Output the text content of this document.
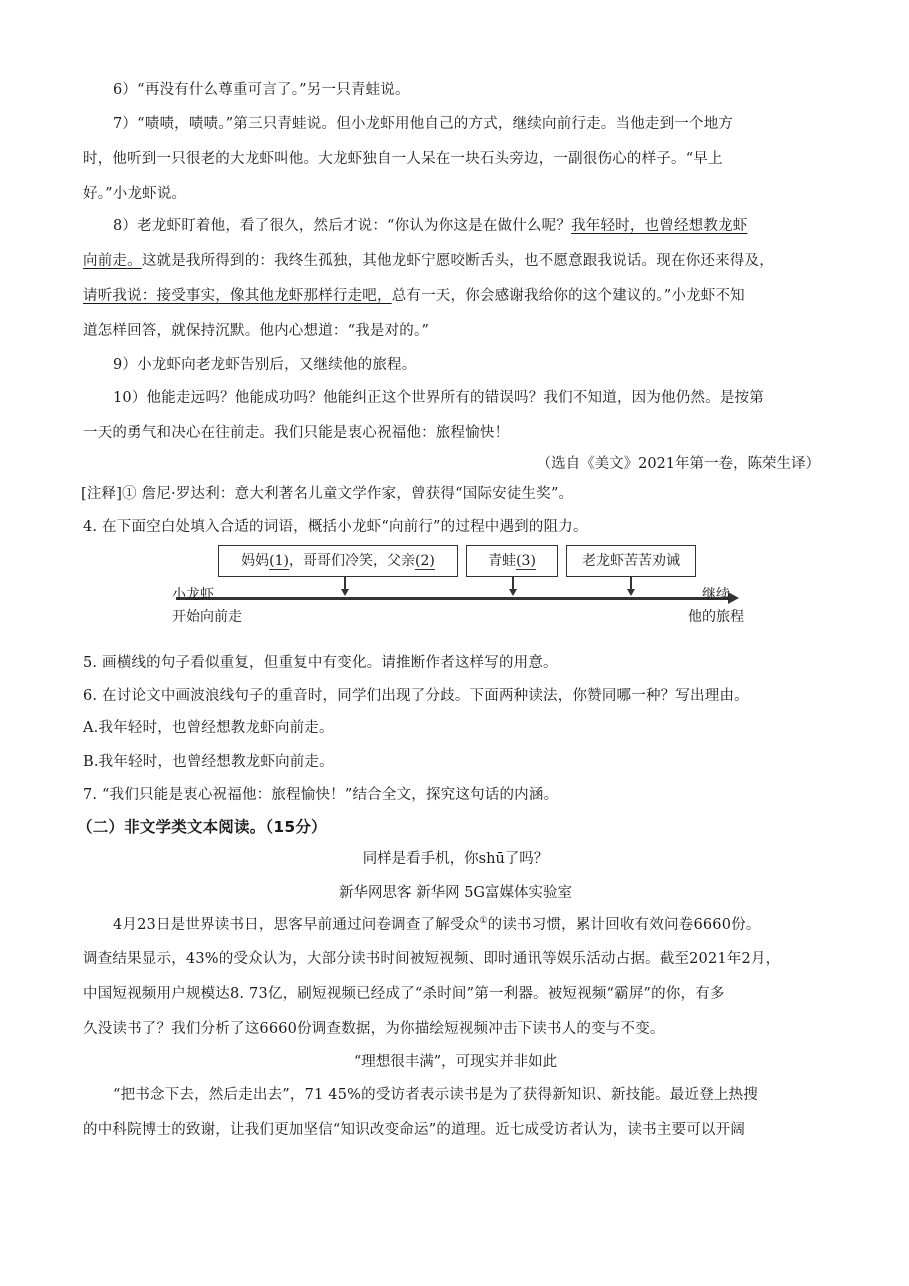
6）“再没有什么尊重可言了。”另一只青蛙说。
7）“啧啧，啧啧。”第三只青蛙说。但小龙虾用他自己的方式，继续向前行走。当他走到一个地方
时，他听到一只很老的大龙虾叫他。大龙虾独自一人呆在一块石头旁边，一副很伤心的样子。“早上
好。”小龙虾说。
8）老龙虾盯着他，看了很久，然后才说：“你认为你这是在做什么呢？我年轻时，也曾经想教龙虾
向前走。这就是我所得到的：我终生孤独，其他龙虾宁愿咬断舌头，也不愿意跟我说话。现在你还来得及，
请听我说：接受事实，像其他龙虾那样行走吧，总有一天，你会感谢我给你的这个建议的。”小龙虾不知
道怎样回答，就保持沉默。他内心想道：“我是对的。”
9）小龙虾向老龙虾告别后，又继续他的旅程。
10）他能走远吗？他能成功吗？他能纠正这个世界所有的错误吗？我们不知道，因为他仍然。是按第
一天的勇气和决心在往前走。我们只能是衷心祝福他：旅程愉快！
（选自《美文》2021年第一卷，陈荣生译）
[注释]① 詹尼·罗达利：意大利著名儿童文学作家，曾获得“国际安徒生奖”。
4. 在下面空白处填入合适的词语，概括小龙虾“向前行”的过程中遇到的阻力。
妈妈(1)，哥哥们冷笑，父亲(2)	青蛙(3)	老龙虾苦苦劝诫
小龙虾
开始向前走
继续
他的旅程
5. 画横线的句子看似重复，但重复中有变化。请推断作者这样写的用意。
6. 在讨论文中画波浪线句子的重音时，同学们出现了分歧。下面两种读法，你赞同哪一种？写出理由。
A.我年轻时，也曾经想教龙虾向前走。
B.我年轻时，也曾经想教龙虾向前走。
7. “我们只能是衷心祝福他：旅程愉快！”结合全文，探究这句话的内涵。
（二）非文学类文本阅读。（15分）
同样是看手机，你shū了吗？
新华网思客 新华网 5G富媒体实验室
4月23日是世界读书日，思客早前通过问卷调查了解受众①的读书习惯，累计回收有效问卷6660份。
调查结果显示，43%的受众认为，大部分读书时间被短视频、即时通讯等娱乐活动占据。截至2021年2月，
中国短视频用户规模达8. 73亿，刷短视频已经成了“杀时间”第一利器。被短视频“霸屏”的你，有多
久没读书了？我们分析了这6660份调查数据，为你描绘短视频冲击下读书人的变与不变。
“理想很丰满”，可现实并非如此
“把书念下去，然后走出去”，71 45%的受访者表示读书是为了获得新知识、新技能。最近登上热搜
的中科院博士的致谢，让我们更加坚信“知识改变命运”的道理。近七成受访者认为，读书主要可以开阔
